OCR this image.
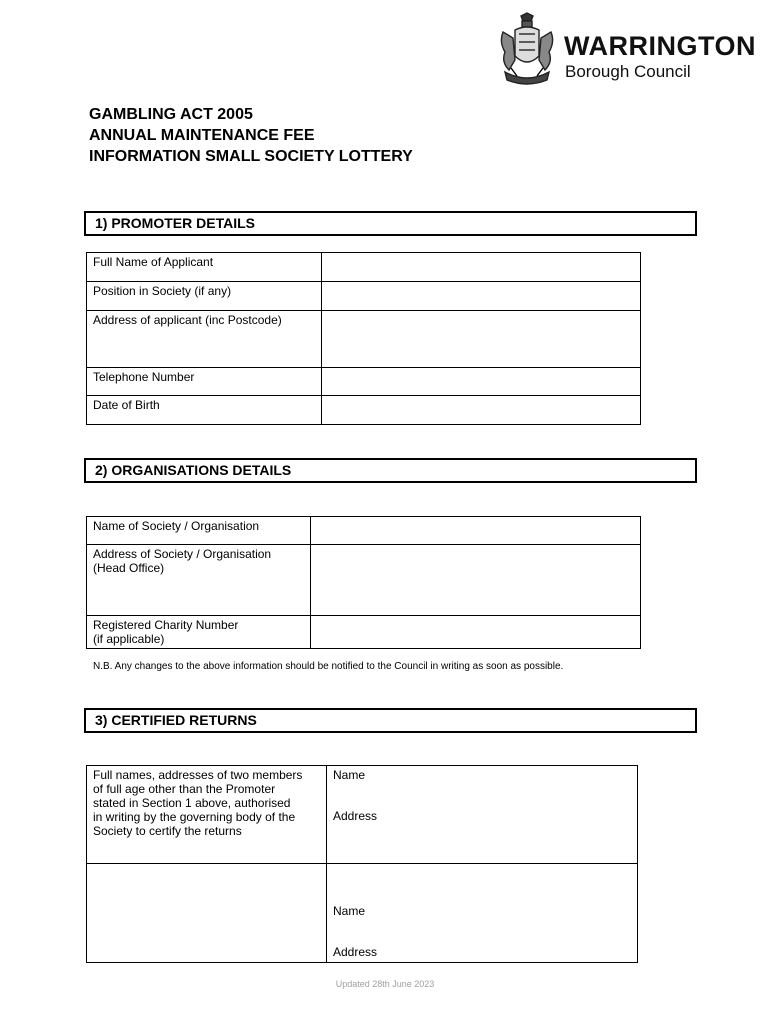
WARRINGTON
Borough Council
GAMBLING ACT 2005
ANNUAL MAINTENANCE FEE
INFORMATION SMALL SOCIETY LOTTERY
1) PROMOTER DETAILS
Full Name of Applicant	
Position in Society (if any)	
Address of applicant (inc Postcode)	
Telephone Number	
Date of Birth	
2) ORGANISATIONS DETAILS
Name of Society / Organisation	

Address of Society / Organisation
(Head Office)	

Registered Charity Number
(if applicable)	

N.B. Any changes to the above information should be notified to the Council in writing as soon as possible.
3) CERTIFIED RETURNS
Full names, addresses of two members
of full age other than the Promoter
stated in Section 1 above, authorised
in writing by the governing body of the
Society to certify the returns	Name
Address

	Name
Address
Updated 28th June 2023
